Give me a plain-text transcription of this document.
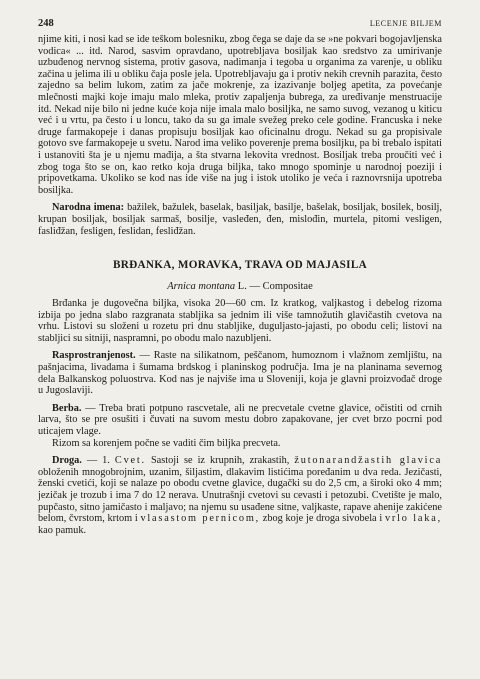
248	LECENJE BILJEM

njime kiti, i nosi kad se ide teškom bolesniku, zbog čega se daje da se »ne pokvari bogojavljenska vodica« ... itd. Narod, sasvim opravdano, upotrebljava bosiljak kao sredstvo za umirivanje uzbuđenog nervnog sistema, protiv gasova, nadimanja i tegoba u organima za varenje, u obliku začina u jelima ili u obliku čaja posle jela. Upotrebljavaju ga i protiv nekih crevnih parazita, često zajedno sa belim lukom, zatim za jače mokrenje, za izazivanje boljeg apetita, za povećanje mlečnosti majki koje imaju malo mleka, protiv zapaljenja bubrega, za uređivanje menstruacije itd. Nekad nije bilo ni jedne kuće koja nije imala malo bosiljka, ne samo suvog, vezanog u kiticu već i u vrtu, pa često i u loncu, tako da su ga imale svežeg preko cele godine. Francuska i neke druge farmakopeje i danas propisuju bosiljak kao oficinalnu drogu. Nekad su ga propisivale gotovo sve farmakopeje u svetu. Narod ima veliko poverenje prema bosiljku, pa bi trebalo ispitati i ustanoviti šta je u njemu mađija, a šta stvarna lekovita vrednost. Bosiljak treba proučiti već i zbog toga što se on, kao retko koja druga biljka, tako mnogo spominje u narodnoj poeziji i pripovetkama. Ukoliko se kod nas ide više na jug i istok utoliko je veća i raznovrsnija upotreba bosiljka.

Narodna imena: bažilek, bažulek, baselak, basiljak, basilje, bašelak, bosiljak, bosilek, bosilj, krupan bosiljak, bosiljak sarmaš, bosilje, vasleđen, đen, mislođin, murtela, pitomi vesligen, fasliđžan, fesligen, feslidan, fesliđžan.

BRĐANKA, MORAVKA, TRAVA OD MAJASILA
Arnica montana L. — Compositae

Brđanka je dugovečna biljka, visoka 20—60 cm. Iz kratkog, valjkastog i debelog rizoma izbija po jedna slabo razgranata stabljika sa jednim ili više tamnožutih glavičastih cvetova na vrhu. Listovi su složeni u rozetu pri dnu stabljike, duguljasto-jajasti, po obodu celi; listovi na stabljici su sitniji, naspramni, po obodu malo nazubljeni.

Rasprostranjenost. — Raste na silikatnom, peščanom, humoznom i vlažnom zemljištu, na pašnjacima, livadama i šumama brdskog i planinskog područja. Ima je na planinama severnog dela Balkanskog poluostrva. Kod nas je najviše ima u Sloveniji, koja je glavni proizvođač droge u Jugoslaviji.

Berba. — Treba brati potpuno rascvetale, ali ne precvetale cvetne glavice, očistiti od crnih larva, što se pre osušiti i čuvati na suvom mestu dobro zapakovane, jer cvet brzo pocrni pod uticajem vlage.

Rizom sa korenjem počne se vaditi čim biljka precveta.

Droga. — 1. Cvet. Sastoji se iz krupnih, zrakastih, žutonarandžastih glavica obloženih mnogobrojnim, uzanim, šiljastim, dlakavim listićima poređanim u dva reda. Jezičasti, ženski cvetići, koji se nalaze po obodu cvetne glavice, dugački su do 2,5 cm, a široki oko 4 mm; jezičak je trozub i ima 7 do 12 nerava. Unutrašnji cvetovi su cevasti i petozubi. Cvetište je malo, pupčasto, sitno jamičasto i maljavo; na njemu su usađene sitne, valjkaste, rapave ahenije zakićene belom, čvrstom, krtom i vlasastom pernicom, zbog koje je droga sivobela i vrlo laka, kao pamuk.
